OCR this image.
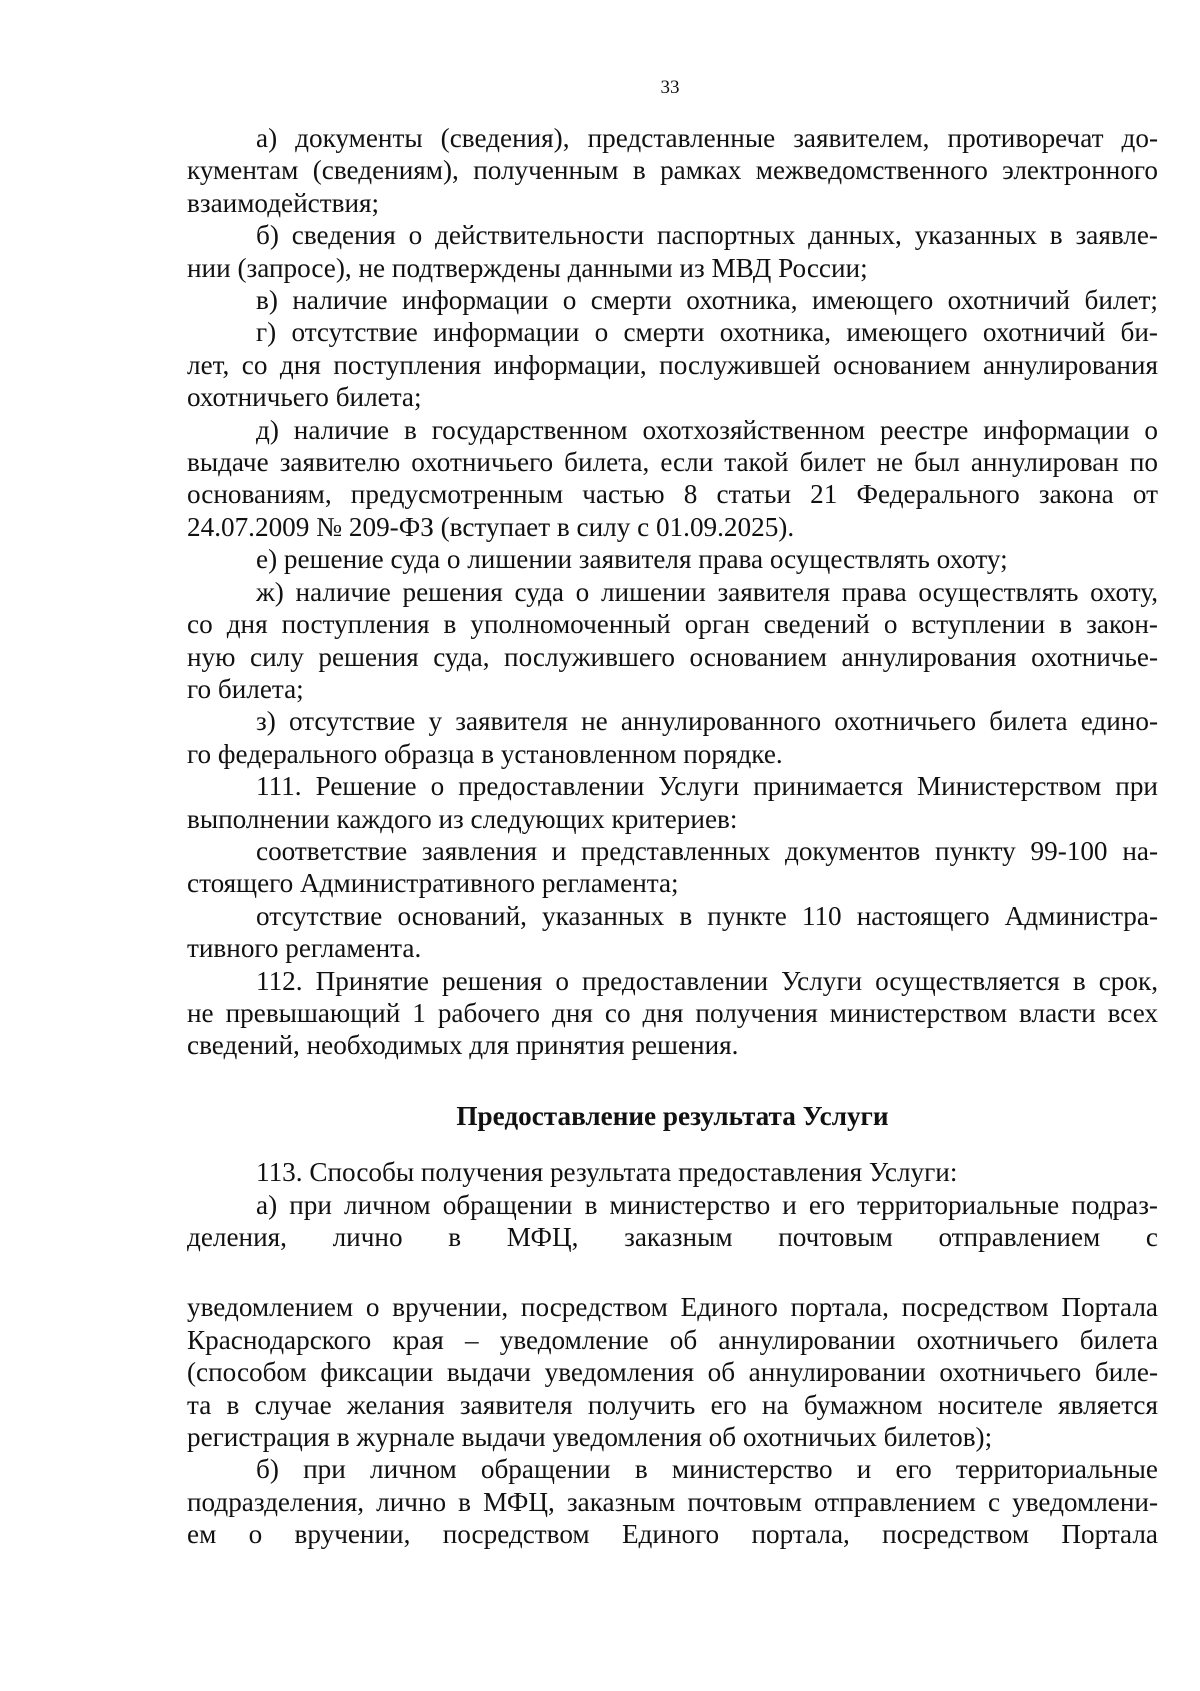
33
а) документы (сведения), представленные заявителем, противоречат до-
кументам (сведениям), полученным в рамках межведомственного электронного
взаимодействия;
б) сведения о действительности паспортных данных, указанных в заявле-
нии (запросе), не подтверждены данными из МВД России;
в) наличие информации о смерти охотника, имеющего охотничий билет;
г) отсутствие информации о смерти охотника, имеющего охотничий би-
лет, со дня поступления информации, послужившей основанием аннулирования
охотничьего билета;
д) наличие в государственном охотхозяйственном реестре информации о
выдаче заявителю охотничьего билета, если такой билет не был аннулирован по
основаниям, предусмотренным частью 8 статьи 21 Федерального закона от
24.07.2009 № 209-ФЗ (вступает в силу с 01.09.2025).
е) решение суда о лишении заявителя права осуществлять охоту;
ж) наличие решения суда о лишении заявителя права осуществлять охоту,
со дня поступления в уполномоченный орган сведений о вступлении в закон-
ную силу решения суда, послужившего основанием аннулирования охотничье-
го билета;
з) отсутствие у заявителя не аннулированного охотничьего билета едино-
го федерального образца в установленном порядке.
111. Решение о предоставлении Услуги принимается Министерством при
выполнении каждого из следующих критериев:
соответствие заявления и представленных документов пункту 99-100 на-
стоящего Административного регламента;
отсутствие оснований, указанных в пункте 110 настоящего Администра-
тивного регламента.
112. Принятие решения о предоставлении Услуги осуществляется в срок,
не превышающий 1 рабочего дня со дня получения министерством власти всех
сведений, необходимых для принятия решения.
Предоставление результата Услуги
113. Способы получения результата предоставления Услуги:
а) при личном обращении в министерство и его территориальные подраз-
деления, лично в МФЦ, заказным почтовым отправлением с
уведомлением о вручении, посредством Единого портала, посредством Портала
Краснодарского края – уведомление об аннулировании охотничьего билета
(способом фиксации выдачи уведомления об аннулировании охотничьего биле-
та в случае желания заявителя получить его на бумажном носителе является
регистрация в журнале выдачи уведомления об охотничьих билетов);
б) при личном обращении в министерство и его территориальные
подразделения, лично в МФЦ, заказным почтовым отправлением с уведомлени-
ем о вручении, посредством Единого портала, посредством Портала
